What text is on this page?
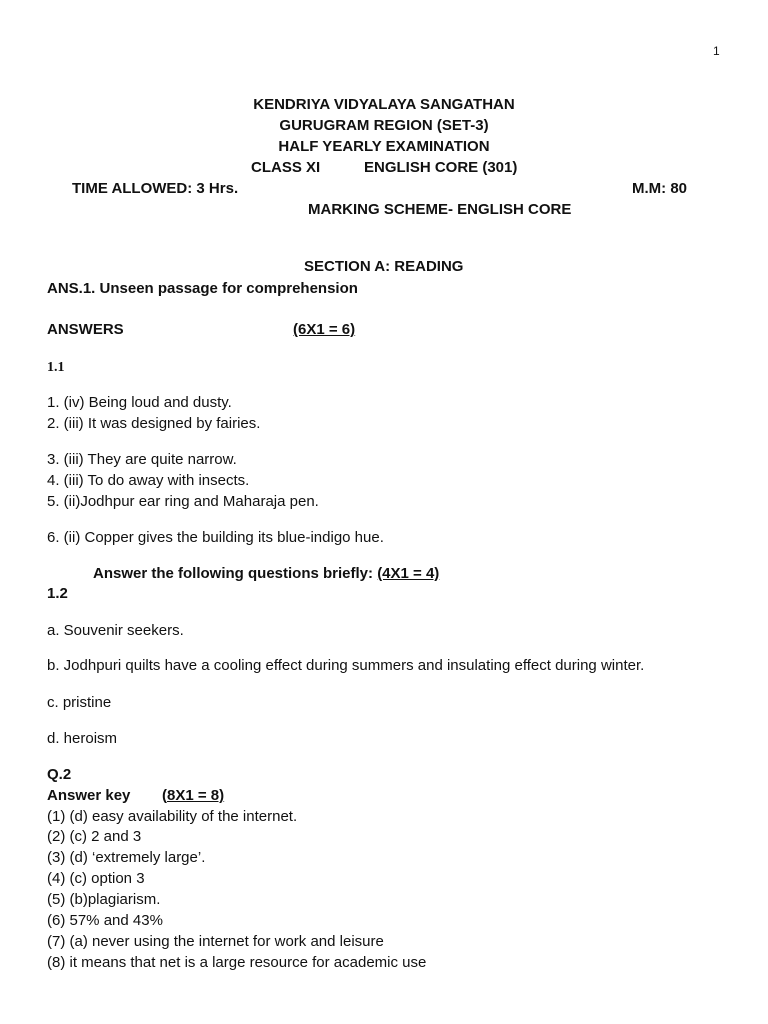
1
KENDRIYA VIDYALAYA SANGATHAN
GURUGRAM REGION (SET-3)
HALF YEARLY EXAMINATION
CLASS XI	ENGLISH CORE (301)
TIME ALLOWED: 3 Hrs.	M.M: 80
MARKING SCHEME- ENGLISH CORE
SECTION A: READING
ANS.1. Unseen passage for comprehension
ANSWERS	(6X1 = 6)
1.1
1. (iv) Being loud and dusty.
2. (iii) It was designed by fairies.
3. (iii) They are quite narrow.
4. (iii) To do away with insects.
5. (ii)Jodhpur ear ring and Maharaja pen.
6. (ii) Copper gives the building its blue-indigo hue.
Answer the following questions briefly: (4X1 = 4)
1.2
a. Souvenir seekers.
b. Jodhpuri quilts have a cooling effect during summers and insulating effect during winter.
c. pristine
d. heroism
Q.2
Answer key (8X1 = 8)
(1) (d) easy availability of the internet.
(2) (c) 2 and 3
(3) (d) ‘extremely large’.
(4) (c) option 3
(5) (b)plagiarism.
(6) 57% and 43%
(7) (a) never using the internet for work and leisure
(8) it means that net is a large resource for academic use
